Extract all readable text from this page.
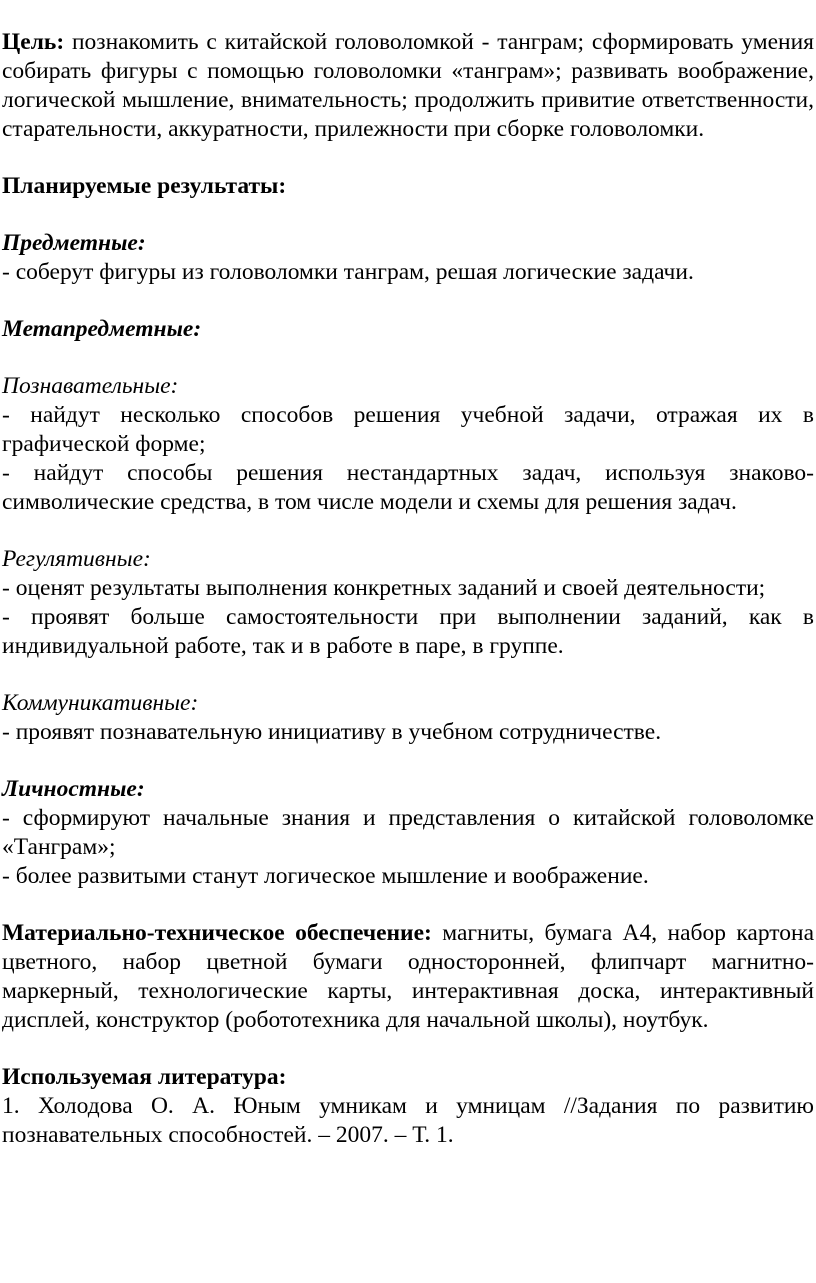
Цель: познакомить с китайской головоломкой - танграм; сформировать умения собирать фигуры с помощью головоломки «танграм»; развивать воображение, логической мышление, внимательность; продолжить привитие ответственности, старательности, аккуратности, прилежности при сборке головоломки.

Планируемые результаты:

Предметные:

- соберут фигуры из головоломки танграм, решая логические задачи.

Метапредметные:

Познавательные:

- найдут несколько способов решения учебной задачи, отражая их в графической форме;

- найдут способы решения нестандартных задач, используя знаково-символические средства, в том числе модели и схемы для решения задач.

Регулятивные:

- оценят результаты выполнения конкретных заданий и своей деятельности;

- проявят больше самостоятельности при выполнении заданий, как в индивидуальной работе, так и в работе в паре, в группе.

Коммуникативные:

- проявят познавательную инициативу в учебном сотрудничестве.

Личностные:

- сформируют начальные знания и представления о китайской головоломке «Танграм»;

- более развитыми станут логическое мышление и воображение.

Материально-техническое обеспечение: магниты, бумага А4, набор картона цветного, набор цветной бумаги односторонней, флипчарт магнитно-маркерный, технологические карты, интерактивная доска, интерактивный дисплей, конструктор (робототехника для начальной школы), ноутбук.

Используемая литература:

1. Холодова О. А. Юным умникам и умницам //Задания по развитию познавательных способностей. – 2007. – Т. 1.
